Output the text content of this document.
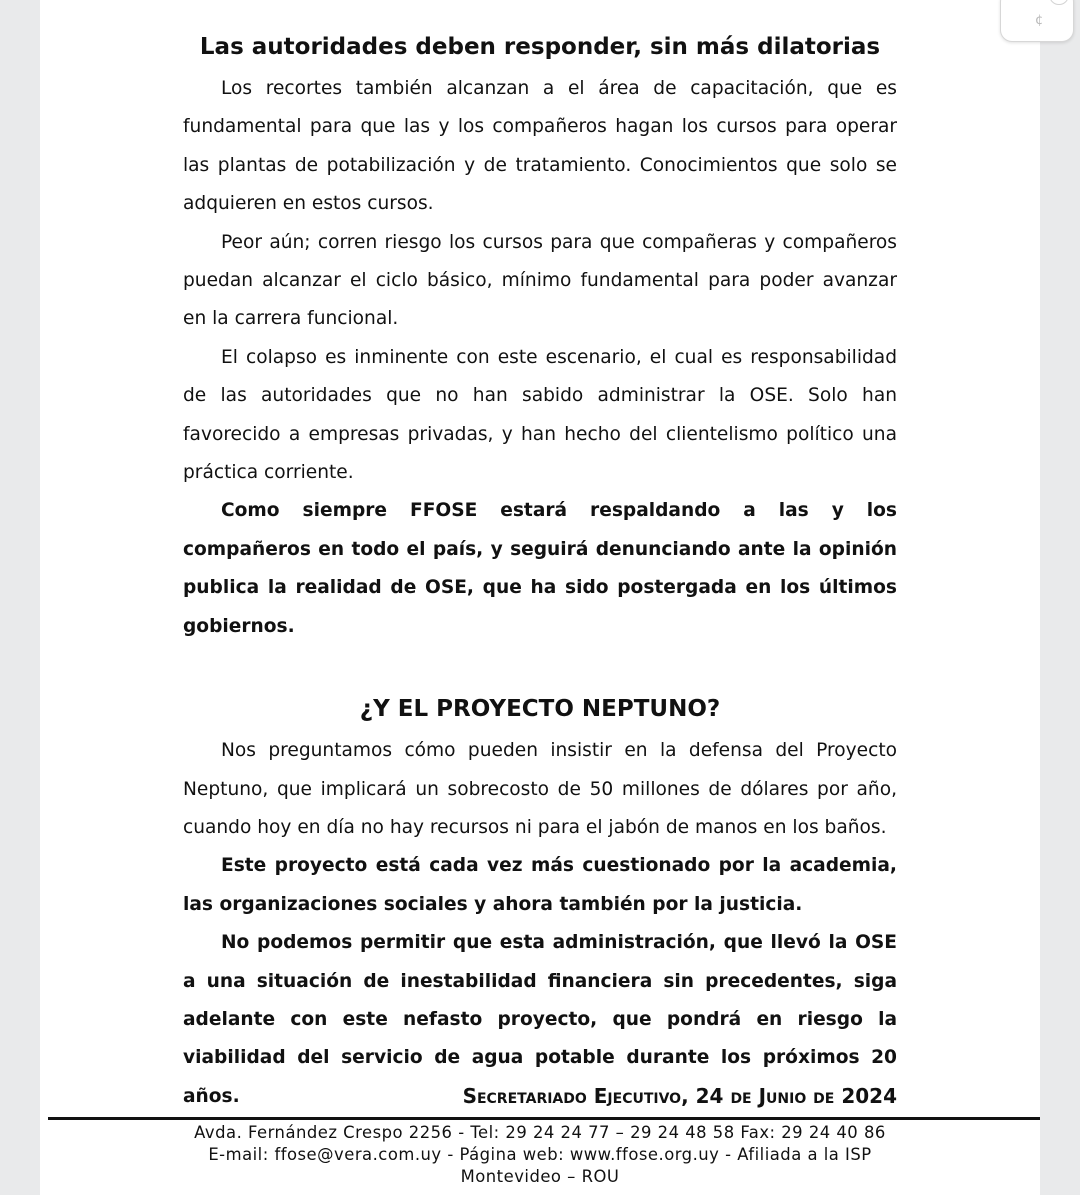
¢
Las autoridades deben responder, sin más dilatorias

Los recortes también alcanzan a el área de capacitación, que es fundamental para que las y los compañeros hagan los cursos para operar las plantas de potabilización y de tratamiento. Conocimientos que solo se adquieren en estos cursos.

Peor aún; corren riesgo los cursos para que compañeras y compañeros puedan alcanzar el ciclo básico, mínimo fundamental para poder avanzar en la carrera funcional.

El colapso es inminente con este escenario, el cual es responsabilidad de las autoridades que no han sabido administrar la OSE. Solo han favorecido a empresas privadas, y han hecho del clientelismo político una práctica corriente.

Como siempre FFOSE estará respaldando a las y los compañeros en todo el país, y seguirá denunciando ante la opinión publica la realidad de OSE, que ha sido postergada en los últimos gobiernos.

¿Y EL PROYECTO NEPTUNO?

Nos preguntamos cómo pueden insistir en la defensa del Proyecto Neptuno, que implicará un sobrecosto de 50 millones de dólares por año, cuando hoy en día no hay recursos ni para el jabón de manos en los baños.

Este proyecto está cada vez más cuestionado por la academia, las organizaciones sociales y ahora también por la justicia.

No podemos permitir que esta administración, que llevó la OSE a una situación de inestabilidad financiera sin precedentes, siga adelante con este nefasto proyecto, que pondrá en riesgo la viabilidad del servicio de agua potable durante los próximos 20 años.	Secretariado Ejecutivo, 24 de Junio de 2024
Avda. Fernández Crespo 2256 - Tel: 29 24 24 77 – 29 24 48 58 Fax: 29 24 40 86
E-mail: ffose@vera.com.uy - Página web: www.ffose.org.uy - Afiliada a la ISP
Montevideo – ROU
